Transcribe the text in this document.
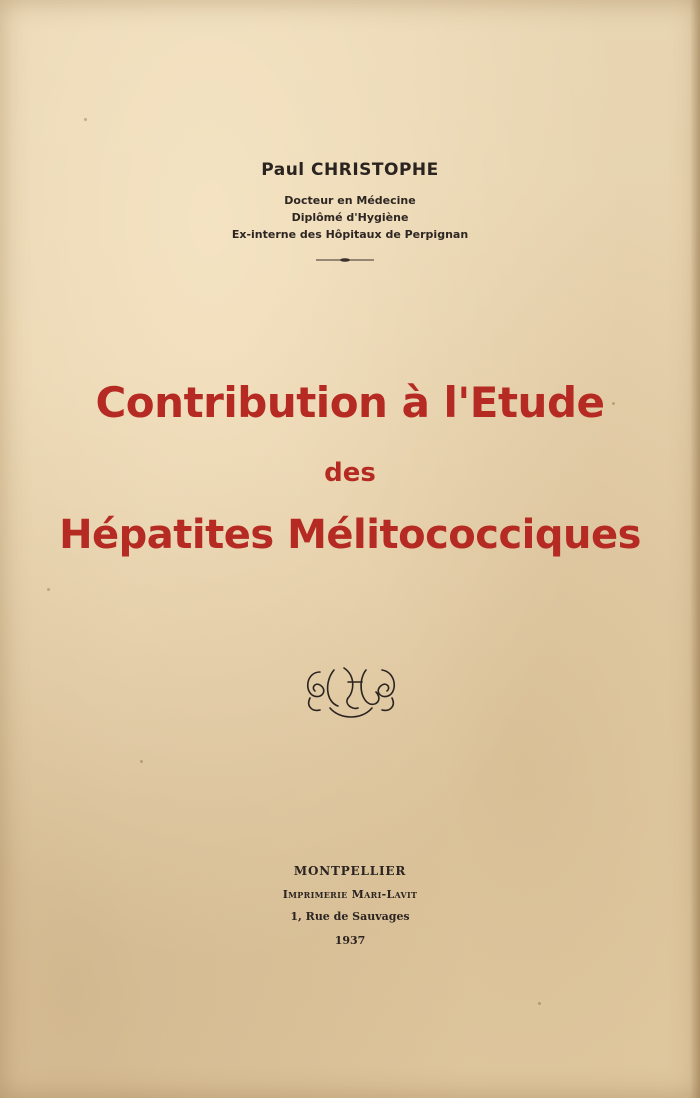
Paul CHRISTOPHE
Docteur en Médecine
Diplômé d'Hygiène
Ex-interne des Hôpitaux de Perpignan
Contribution à l'Etude
des
Hépatites Mélitococciques
MONTPELLIER
Imprimerie Mari-Lavit
1, Rue de Sauvages
1937
